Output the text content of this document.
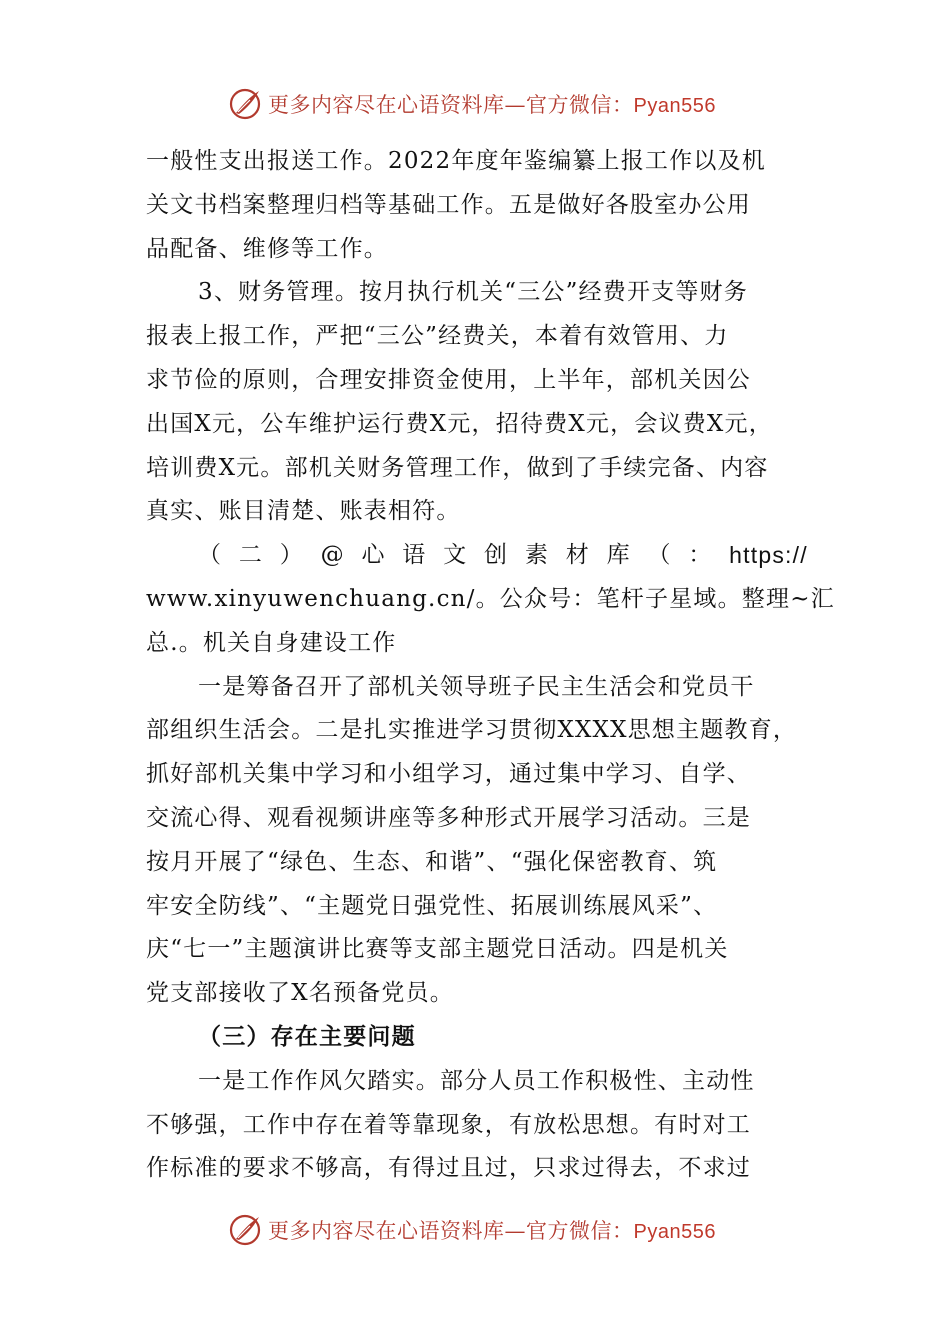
更多内容尽在心语资料库—官方微信：Pyan556
一般性支出报送工作。2022年度年鉴编纂上报工作以及机
关文书档案整理归档等基础工作。五是做好各股室办公用
品配备、维修等工作。
3、财务管理。按月执行机关“三公”经费开支等财务
报表上报工作，严把“三公”经费关，本着有效管用、力
求节俭的原则，合理安排资金使用，上半年，部机关因公
出国X元，公车维护运行费X元，招待费X元，会议费X元，
培训费X元。部机关财务管理工作，做到了手续完备、内容
真实、账目清楚、账表相符。
（ 二 ） @ 心 语 文 创 素 材 库 （ ： https://
www.xinyuwenchuang.cn/。公众号：笔杆子星域。整理~汇
总.。机关自身建设工作
一是筹备召开了部机关领导班子民主生活会和党员干
部组织生活会。二是扎实推进学习贯彻XXXX思想主题教育，
抓好部机关集中学习和小组学习，通过集中学习、自学、
交流心得、观看视频讲座等多种形式开展学习活动。三是
按月开展了“绿色、生态、和谐”、“强化保密教育、筑
牢安全防线”、“主题党日强党性、拓展训练展风采”、
庆“七一”主题演讲比赛等支部主题党日活动。四是机关
党支部接收了X名预备党员。
（三）存在主要问题
一是工作作风欠踏实。部分人员工作积极性、主动性
不够强，工作中存在着等靠现象，有放松思想。有时对工
作标准的要求不够高，有得过且过，只求过得去，不求过
更多内容尽在心语资料库—官方微信：Pyan556
